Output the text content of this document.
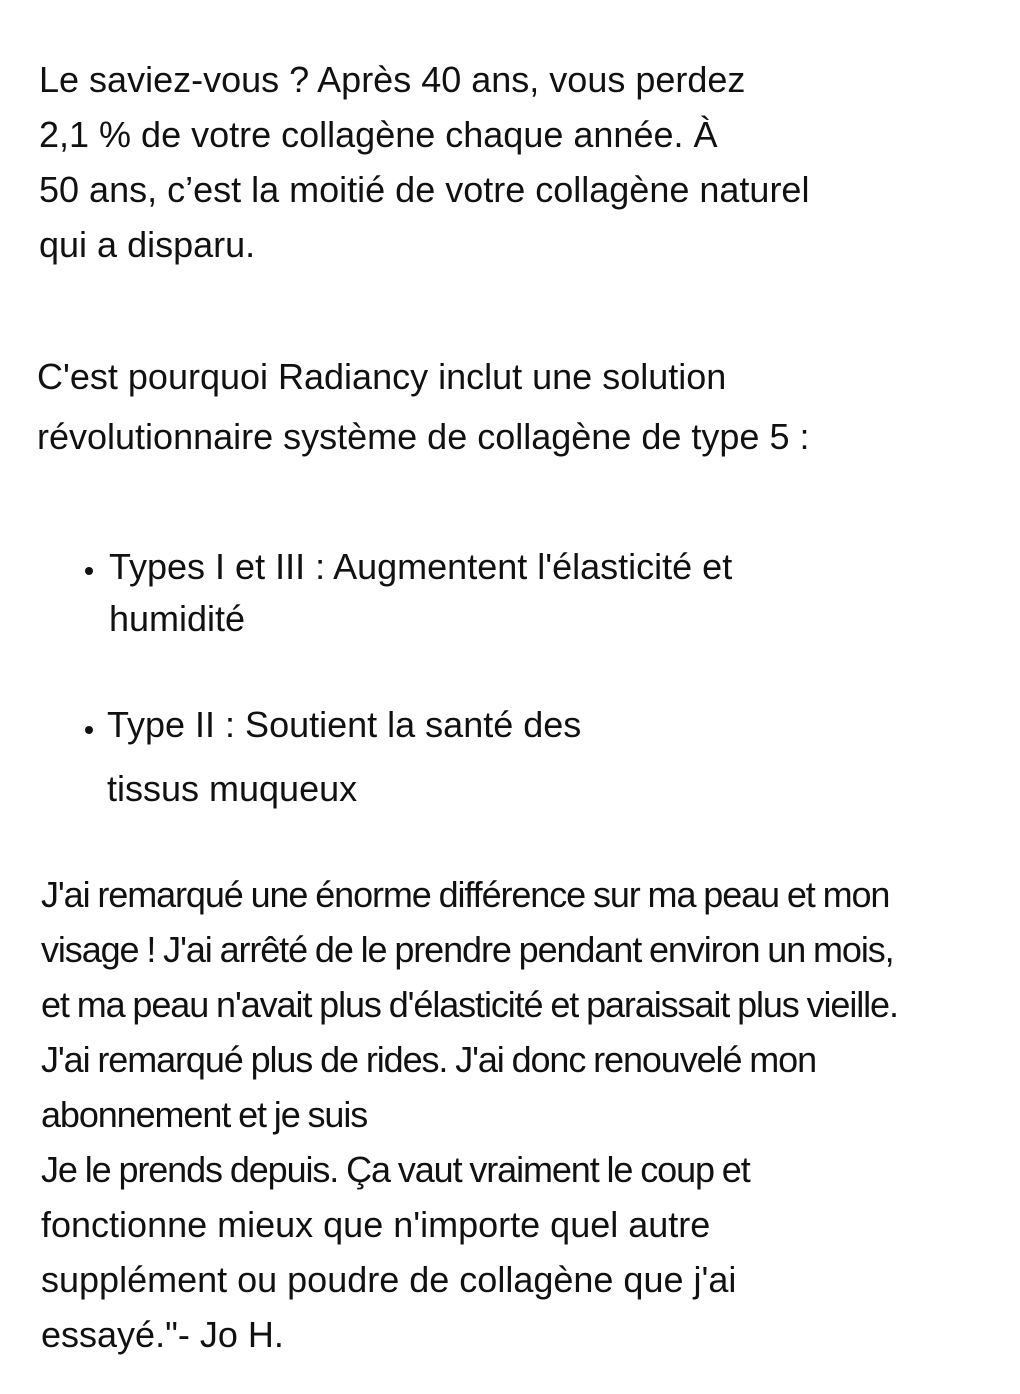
Le saviez-vous ? Après 40 ans, vous perdez
2,1 % de votre collagène chaque année. À
50 ans, c’est la moitié de votre collagène naturel
qui a disparu.
C'est pourquoi Radiancy inclut une solution
révolutionnaire système de collagène de type 5 :
Types I et III : Augmentent l'élasticité et
humidité
Type II : Soutient la santé des
tissus muqueux
J'ai remarqué une énorme différence sur ma peau et mon
visage ! J'ai arrêté de le prendre pendant environ un mois,
et ma peau n'avait plus d'élasticité et paraissait plus vieille.
J'ai remarqué plus de rides. J'ai donc renouvelé mon
abonnement et je suis
Je le prends depuis. Ça vaut vraiment le coup et
fonctionne mieux que n'importe quel autre
supplément ou poudre de collagène que j'ai
essayé."- Jo H.
